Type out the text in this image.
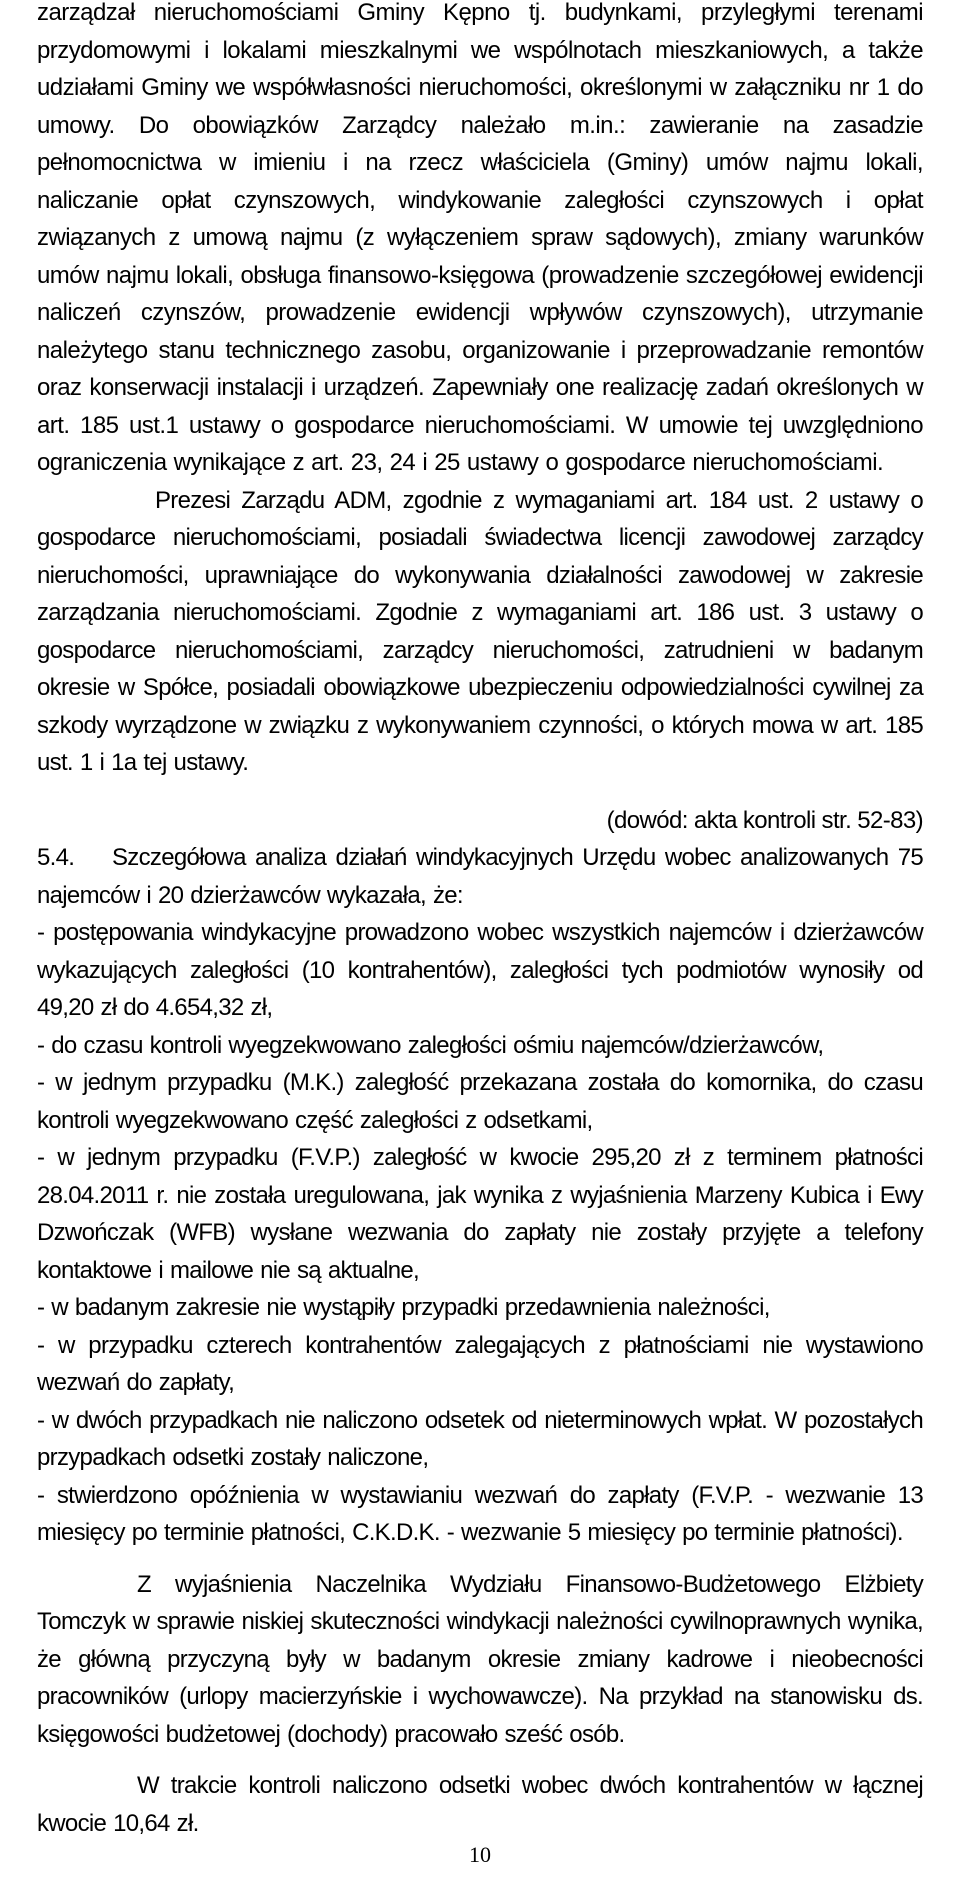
zarządzał nieruchomościami Gminy Kępno tj. budynkami, przyległymi terenami przydomowymi i lokalami mieszkalnymi we wspólnotach mieszkaniowych, a także udziałami Gminy we współwłasności nieruchomości, określonymi w załączniku nr 1 do umowy. Do obowiązków Zarządcy należało m.in.: zawieranie na zasadzie pełnomocnictwa w imieniu i na rzecz właściciela (Gminy) umów najmu lokali, naliczanie opłat czynszowych, windykowanie zaległości czynszowych i opłat związanych z umową najmu (z wyłączeniem spraw sądowych), zmiany warunków umów najmu lokali, obsługa finansowo-księgowa (prowadzenie szczegółowej ewidencji naliczeń czynszów, prowadzenie ewidencji wpływów czynszowych), utrzymanie należytego stanu technicznego zasobu, organizowanie i przeprowadzanie remontów oraz konserwacji instalacji i urządzeń. Zapewniały one realizację zadań określonych w art. 185 ust.1 ustawy o gospodarce nieruchomościami. W umowie tej uwzględniono ograniczenia wynikające z art. 23, 24 i 25 ustawy o gospodarce nieruchomościami.

Prezesi Zarządu ADM, zgodnie z wymaganiami art. 184 ust. 2 ustawy o gospodarce nieruchomościami, posiadali świadectwa licencji zawodowej zarządcy nieruchomości, uprawniające do wykonywania działalności zawodowej w zakresie zarządzania nieruchomościami. Zgodnie z wymaganiami art. 186 ust. 3 ustawy o gospodarce nieruchomościami, zarządcy nieruchomości, zatrudnieni w badanym okresie w Spółce, posiadali obowiązkowe ubezpieczeniu odpowiedzialności cywilnej za szkody wyrządzone w związku z wykonywaniem czynności, o których mowa w art. 185 ust. 1 i 1a tej ustawy.

(dowód: akta kontroli str. 52-83)

5.4. Szczegółowa analiza działań windykacyjnych Urzędu wobec analizowanych 75 najemców i 20 dzierżawców wykazała, że:

- postępowania windykacyjne prowadzono wobec wszystkich najemców i dzierżawców wykazujących zaległości (10 kontrahentów), zaległości tych podmiotów wynosiły od 49,20 zł do 4.654,32 zł,

- do czasu kontroli wyegzekwowano zaległości ośmiu najemców/dzierżawców,

- w jednym przypadku (M.K.) zaległość przekazana została do komornika, do czasu kontroli wyegzekwowano część zaległości z odsetkami,

- w jednym przypadku (F.V.P.) zaległość w kwocie 295,20 zł z terminem płatności 28.04.2011 r. nie została uregulowana, jak wynika z wyjaśnienia Marzeny Kubica i Ewy Dzwończak (WFB) wysłane wezwania do zapłaty nie zostały przyjęte a telefony kontaktowe i mailowe nie są aktualne,

- w badanym zakresie nie wystąpiły przypadki przedawnienia należności,

- w przypadku czterech kontrahentów zalegających z płatnościami nie wystawiono wezwań do zapłaty,

- w dwóch przypadkach nie naliczono odsetek od nieterminowych wpłat. W pozostałych przypadkach odsetki zostały naliczone,

- stwierdzono opóźnienia w wystawianiu wezwań do zapłaty (F.V.P. - wezwanie 13 miesięcy po terminie płatności, C.K.D.K. - wezwanie 5 miesięcy po terminie płatności).

Z wyjaśnienia Naczelnika Wydziału Finansowo-Budżetowego Elżbiety Tomczyk w sprawie niskiej skuteczności windykacji należności cywilnoprawnych wynika, że główną przyczyną były w badanym okresie zmiany kadrowe i nieobecności pracowników (urlopy macierzyńskie i wychowawcze). Na przykład na stanowisku ds. księgowości budżetowej (dochody) pracowało sześć osób.

W trakcie kontroli naliczono odsetki wobec dwóch kontrahentów w łącznej kwocie 10,64 zł.

10
